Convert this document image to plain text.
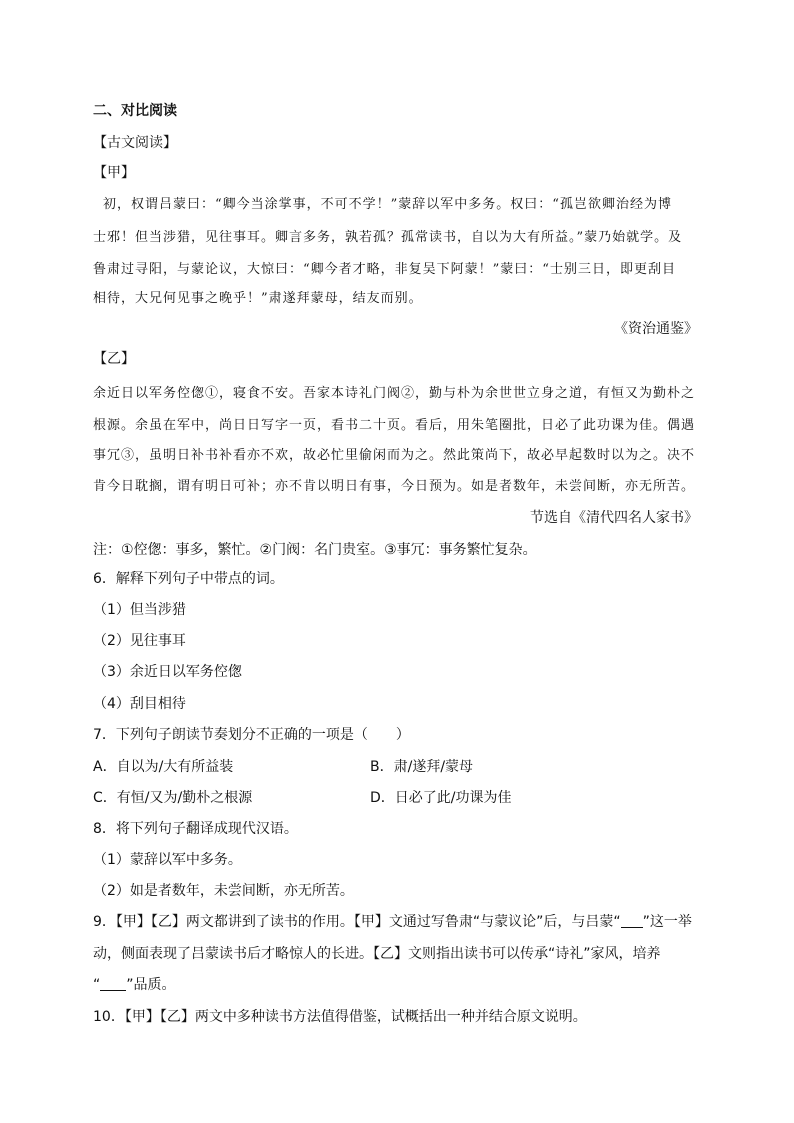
二、对比阅读
【古文阅读】
【甲】
初，权谓吕蒙曰：“卿今当涂掌事，不可不学！”蒙辞以军中多务。权曰：“孤岂欲卿治经为博
士邪！但当涉猎，见往事耳。卿言多务，孰若孤？孤常读书，自以为大有所益。”蒙乃始就学。及
鲁肃过寻阳，与蒙论议，大惊曰：“卿今者才略，非复吴下阿蒙！”蒙曰：“士别三日，即更刮目
相待，大兄何见事之晚乎！”肃遂拜蒙母，结友而别。
《资治通鉴》
【乙】
余近日以军务倥偬①，寝食不安。吾家本诗礼门阀②，勤与朴为余世世立身之道，有恒又为勤朴之
根源。余虽在军中，尚日日写字一页，看书二十页。看后，用朱笔圈批，日必了此功课为佳。偶遇
事冗③，虽明日补书补看亦不欢，故必忙里偷闲而为之。然此策尚下，故必早起数时以为之。决不
肯今日耽搁，谓有明日可补；亦不肯以明日有事，今日预为。如是者数年，未尝间断，亦无所苦。
节选自《清代四名人家书》
注：①倥偬：事多，繁忙。②门阀：名门贵室。③事冗：事务繁忙复杂。
6．解释下列句子中带点的词。
（1）但当涉猎
（2）见往事耳
（3）余近日以军务倥偬
（4）刮目相待
7．下列句子朗读节奏划分不正确的一项是（　　）
A．自以为/大有所益装	B．肃/遂拜/蒙母
C．有恒/又为/勤朴之根源	D．日必了此/功课为佳
8．将下列句子翻译成现代汉语。
（1）蒙辞以军中多务。
（2）如是者数年，未尝间断，亦无所苦。
9．【甲】【乙】两文都讲到了读书的作用。【甲】文通过写鲁肃“与蒙议论”后，与吕蒙“ ”这一举
动，侧面表现了吕蒙读书后才略惊人的长进。【乙】文则指出读书可以传承“诗礼”家风，培养
“ ”品质。
10．【甲】【乙】两文中多种读书方法值得借鉴，试概括出一种并结合原文说明。
